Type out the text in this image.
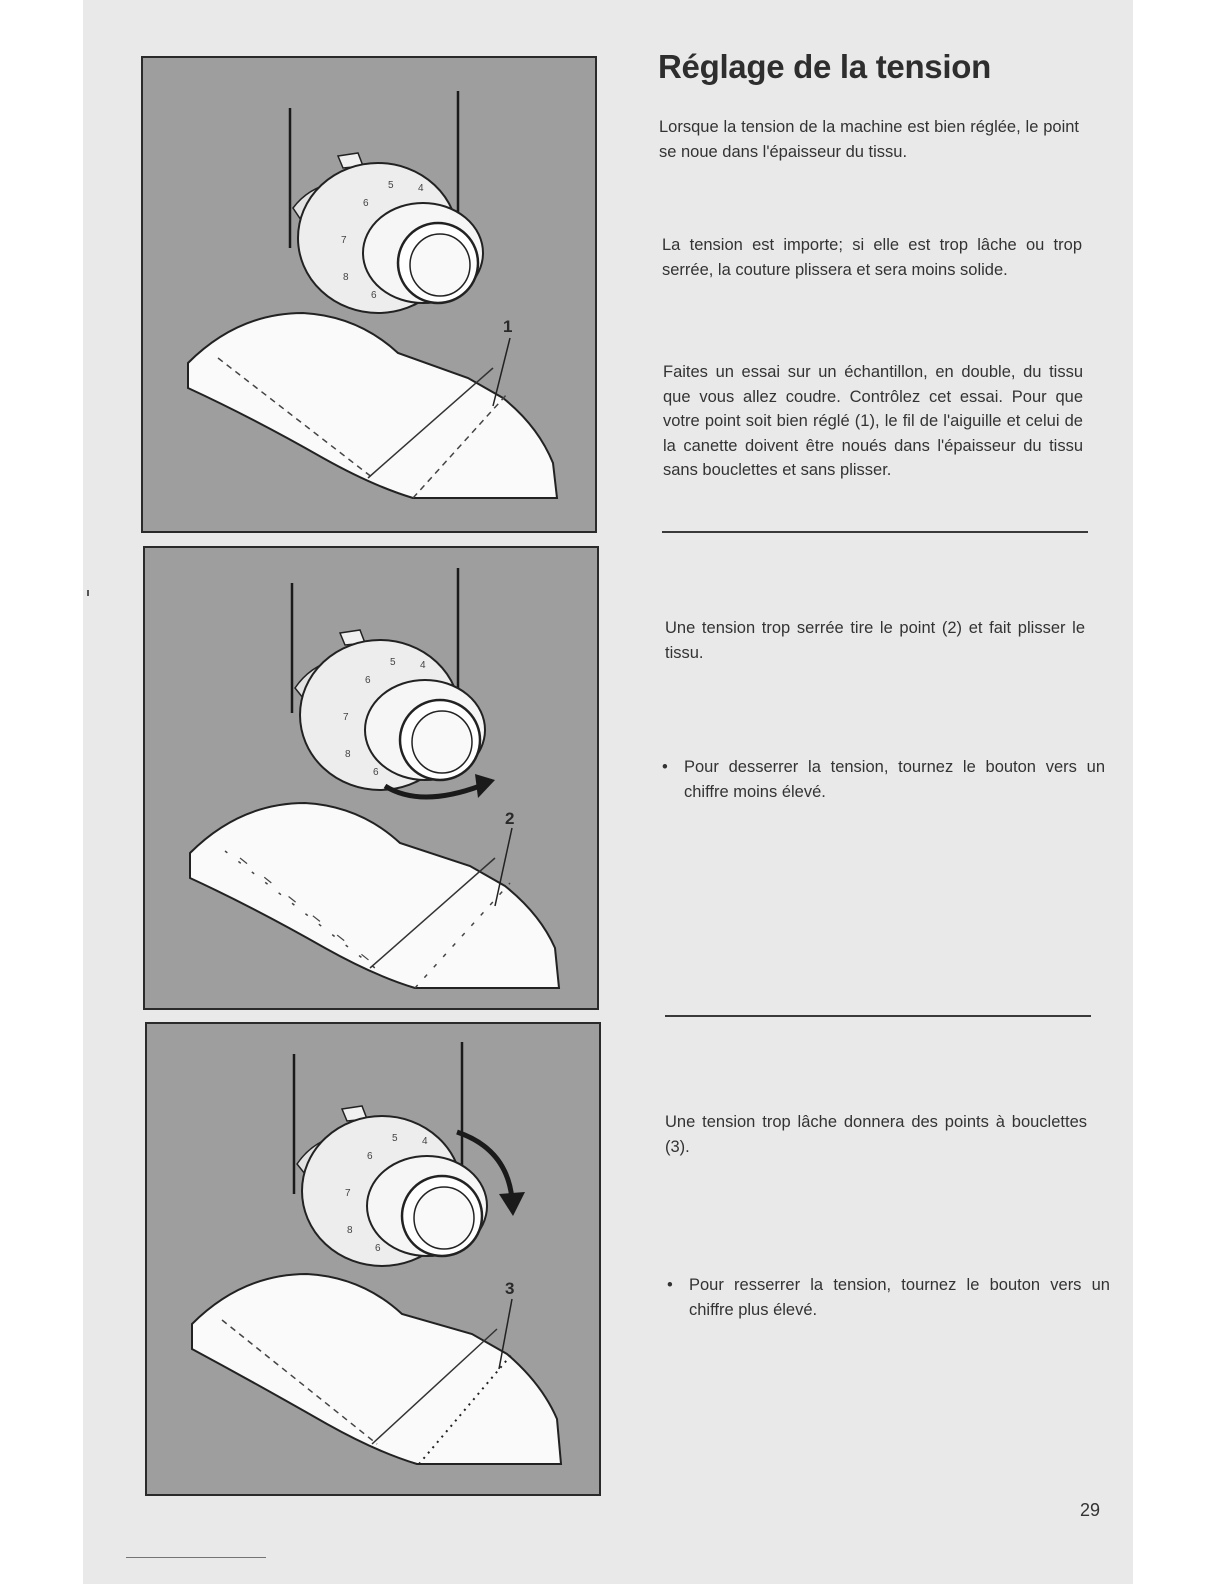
5 4
6
7
8
6
1
5 4
6
7
8
6
2
5 4
6
7
8
6
3
Réglage de la tension

Lorsque la tension de la machine est bien réglée, le point se noue dans l'épaisseur du tissu.

La tension est importe; si elle est trop lâche ou trop serrée, la couture plissera et sera moins solide.

Faites un essai sur un échantillon, en double, du tissu que vous allez coudre. Contrôlez cet essai. Pour que votre point soit bien réglé (1), le fil de l'aiguille et celui de la canette doivent être noués dans l'épaisseur du tissu sans bouclettes et sans plisser.

Une tension trop serrée tire le point (2) et fait plisser le tissu.

• Pour desserrer la tension, tournez le bouton vers un chiffre moins élevé.

Une tension trop lâche donnera des points à bouclettes (3).

• Pour resserrer la tension, tournez le bouton vers un chiffre plus élevé.

29
